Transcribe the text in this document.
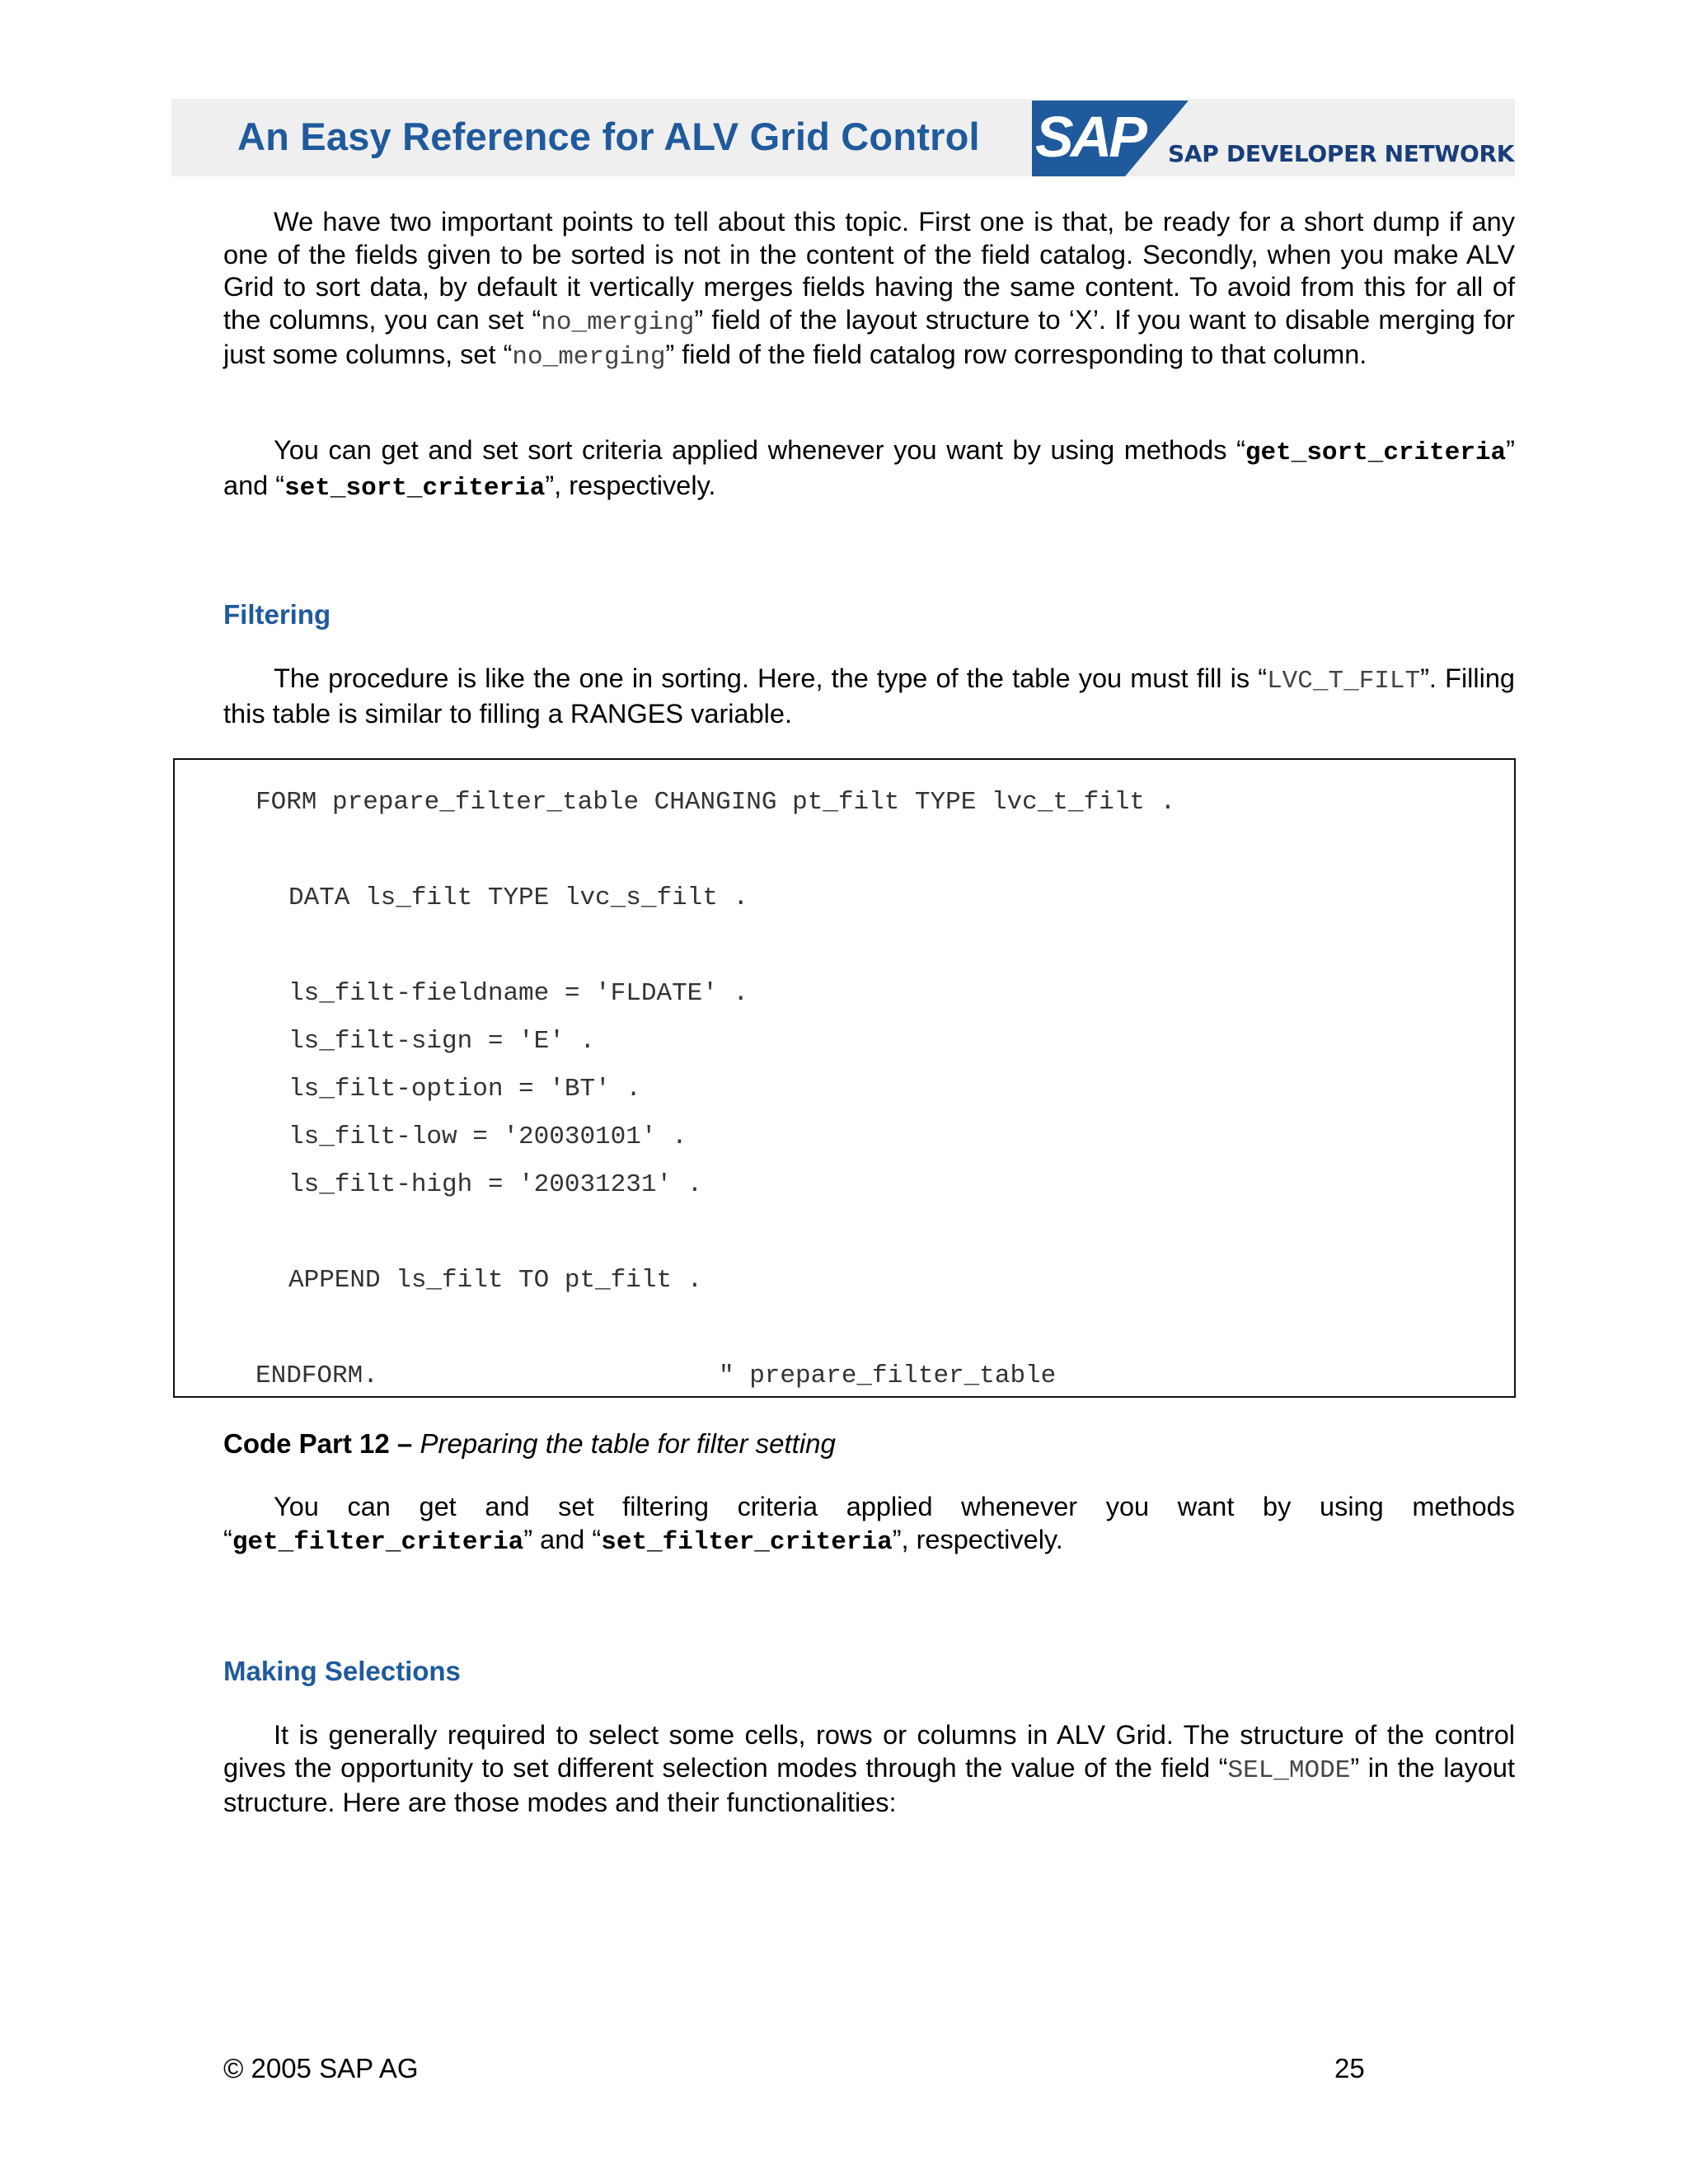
An Easy Reference for ALV Grid Control SAP SAP DEVELOPER NETWORK
We have two important points to tell about this topic. First one is that, be ready for a short dump if any one of the fields given to be sorted is not in the content of the field catalog. Secondly, when you make ALV Grid to sort data, by default it vertically merges fields having the same content. To avoid from this for all of the columns, you can set “no_merging” field of the layout structure to ‘X’. If you want to disable merging for just some columns, set “no_merging” field of the field catalog row corresponding to that column.
You can get and set sort criteria applied whenever you want by using methods “get_sort_criteria” and “set_sort_criteria”, respectively.
Filtering
The procedure is like the one in sorting. Here, the type of the table you must fill is “LVC_T_FILT”. Filling this table is similar to filling a RANGES variable.
FORM prepare_filter_table CHANGING pt_filt TYPE lvc_t_filt .
DATA ls_filt TYPE lvc_s_filt .
ls_filt-fieldname = 'FLDATE' .
ls_filt-sign = 'E' .
ls_filt-option = 'BT' .
ls_filt-low = '20030101' .
ls_filt-high = '20031231' .
APPEND ls_filt TO pt_filt .
ENDFORM.	" prepare_filter_table
Code Part 12 – Preparing the table for filter setting
You can get and set filtering criteria applied whenever you want by using methods “get_filter_criteria” and “set_filter_criteria”, respectively.
Making Selections
It is generally required to select some cells, rows or columns in ALV Grid. The structure of the control gives the opportunity to set different selection modes through the value of the field “SEL_MODE” in the layout structure. Here are those modes and their functionalities:
© 2005 SAP AG	25
